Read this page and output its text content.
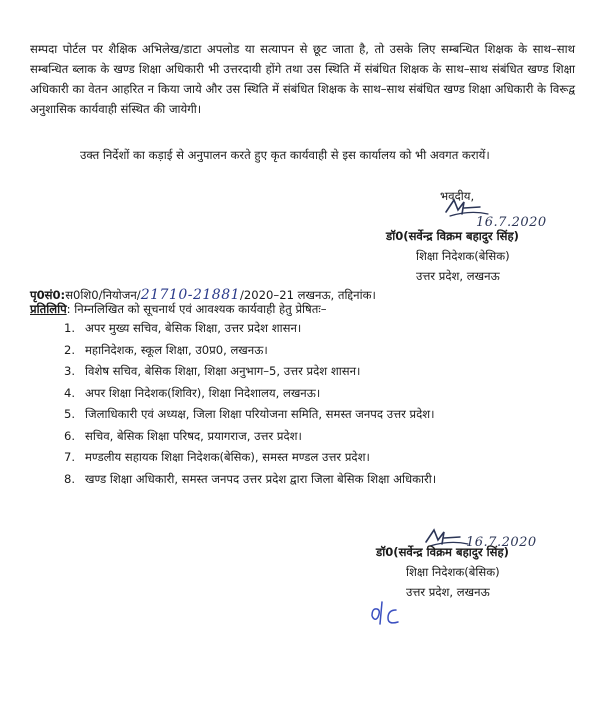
सम्पदा पोर्टल पर शैक्षिक अभिलेख/डाटा अपलोड या सत्यापन से छूट जाता है, तो उसके लिए सम्बन्धित शिक्षक के साथ–साथ सम्बन्धित ब्लाक के खण्ड शिक्षा अधिकारी भी उत्तरदायी होंगे तथा उस स्थिति में संबंधित शिक्षक के साथ–साथ संबंधित खण्ड शिक्षा अधिकारी का वेतन आहरित न किया जाये और उस स्थिति में संबंधित शिक्षक के साथ–साथ संबंधित खण्ड शिक्षा अधिकारी के विरूद्व अनुशासिक कार्यवाही संस्थित की जायेगी।

उक्त निर्देशों का कड़ाई से अनुपालन करते हुए कृत कार्यवाही से इस कार्यालय को भी अवगत करायें।

भवदीय,
16.7.2020
डॉ0(सर्वेन्द्र विक्रम बहादुर सिंह)
शिक्षा निदेशक(बेसिक)
उत्तर प्रदेश, लखनऊ
पृ0सं0:स0शि0/नियोजन/21710-21881/2020–21 लखनऊ, तद्दिनांक।
प्रतिलिपि: निम्नलिखित को सूचनार्थ एवं आवश्यक कार्यवाही हेतु प्रेषितः–
1. अपर मुख्य सचिव, बेसिक शिक्षा, उत्तर प्रदेश शासन।
2. महानिदेशक, स्कूल शिक्षा, उ0प्र0, लखनऊ।
3. विशेष सचिव, बेसिक शिक्षा, शिक्षा अनुभाग–5, उत्तर प्रदेश शासन।
4. अपर शिक्षा निदेशक(शिविर), शिक्षा निदेशालय, लखनऊ।
5. जिलाधिकारी एवं अध्यक्ष, जिला शिक्षा परियोजना समिति, समस्त जनपद उत्तर प्रदेश।
6. सचिव, बेसिक शिक्षा परिषद, प्रयागराज, उत्तर प्रदेश।
7. मण्डलीय सहायक शिक्षा निदेशक(बेसिक), समस्त मण्डल उत्तर प्रदेश।
8. खण्ड शिक्षा अधिकारी, समस्त जनपद उत्तर प्रदेश द्वारा जिला बेसिक शिक्षा अधिकारी।
16.7.2020
डॉ0(सर्वेन्द्र विक्रम बहादुर सिंह)
शिक्षा निदेशक(बेसिक)
उत्तर प्रदेश, लखनऊ
